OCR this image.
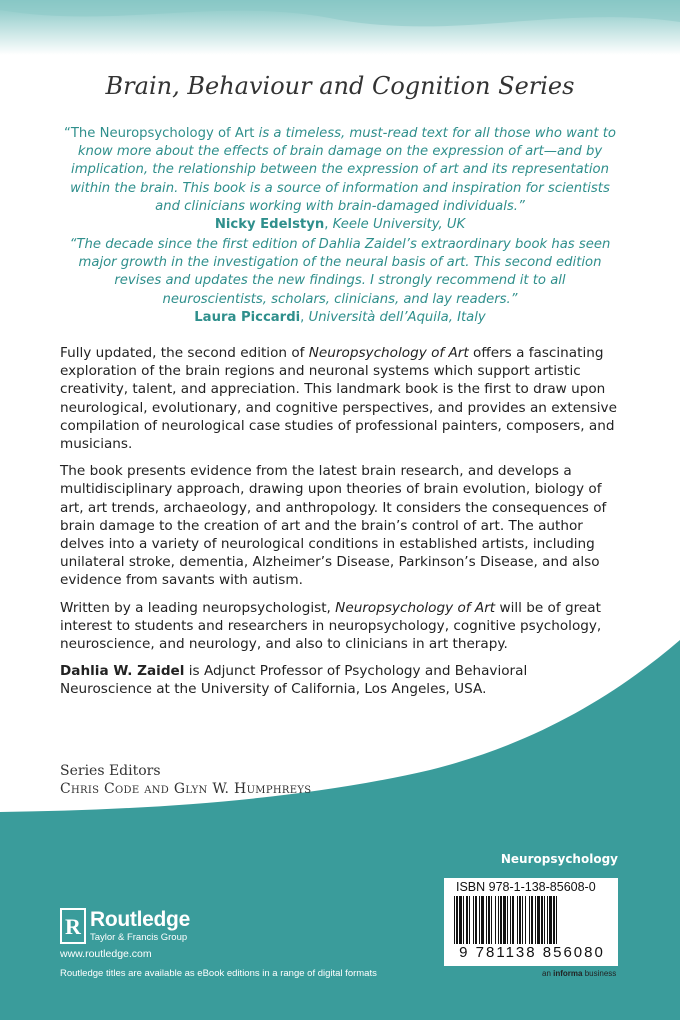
Brain, Behaviour and Cognition Series
“The Neuropsychology of Art is a timeless, must-read text for all those who want to know more about the effects of brain damage on the expression of art—and by implication, the relationship between the expression of art and its representation within the brain. This book is a source of information and inspiration for scientists and clinicians working with brain-damaged individuals.”
Nicky Edelstyn, Keele University, UK
“The decade since the first edition of Dahlia Zaidel’s extraordinary book has seen major growth in the investigation of the neural basis of art. This second edition revises and updates the new findings. I strongly recommend it to all neuroscientists, scholars, clinicians, and lay readers.”
Laura Piccardi, Università dell’Aquila, Italy

Fully updated, the second edition of Neuropsychology of Art offers a fascinating exploration of the brain regions and neuronal systems which support artistic creativity, talent, and appreciation. This landmark book is the first to draw upon neurological, evolutionary, and cognitive perspectives, and provides an extensive compilation of neurological case studies of professional painters, composers, and musicians.

The book presents evidence from the latest brain research, and develops a multidisciplinary approach, drawing upon theories of brain evolution, biology of art, art trends, archaeology, and anthropology. It considers the consequences of brain damage to the creation of art and the brain’s control of art. The author delves into a variety of neurological conditions in established artists, including unilateral stroke, dementia, Alzheimer’s Disease, Parkinson’s Disease, and also evidence from savants with autism.

Written by a leading neuropsychologist, Neuropsychology of Art will be of great interest to students and researchers in neuropsychology, cognitive psychology, neuroscience, and neurology, and also to clinicians in art therapy.

Dahlia W. Zaidel is Adjunct Professor of Psychology and Behavioral Neuroscience at the University of California, Los Angeles, USA.

Series Editors
Chris Code and Glyn W. Humphreys
Neuropsychology
ISBN 978-1-138-85608-0
9 781138 856080
an informa business
R Routledge
Taylor & Francis Group
www.routledge.com
Routledge titles are available as eBook editions in a range of digital formats
